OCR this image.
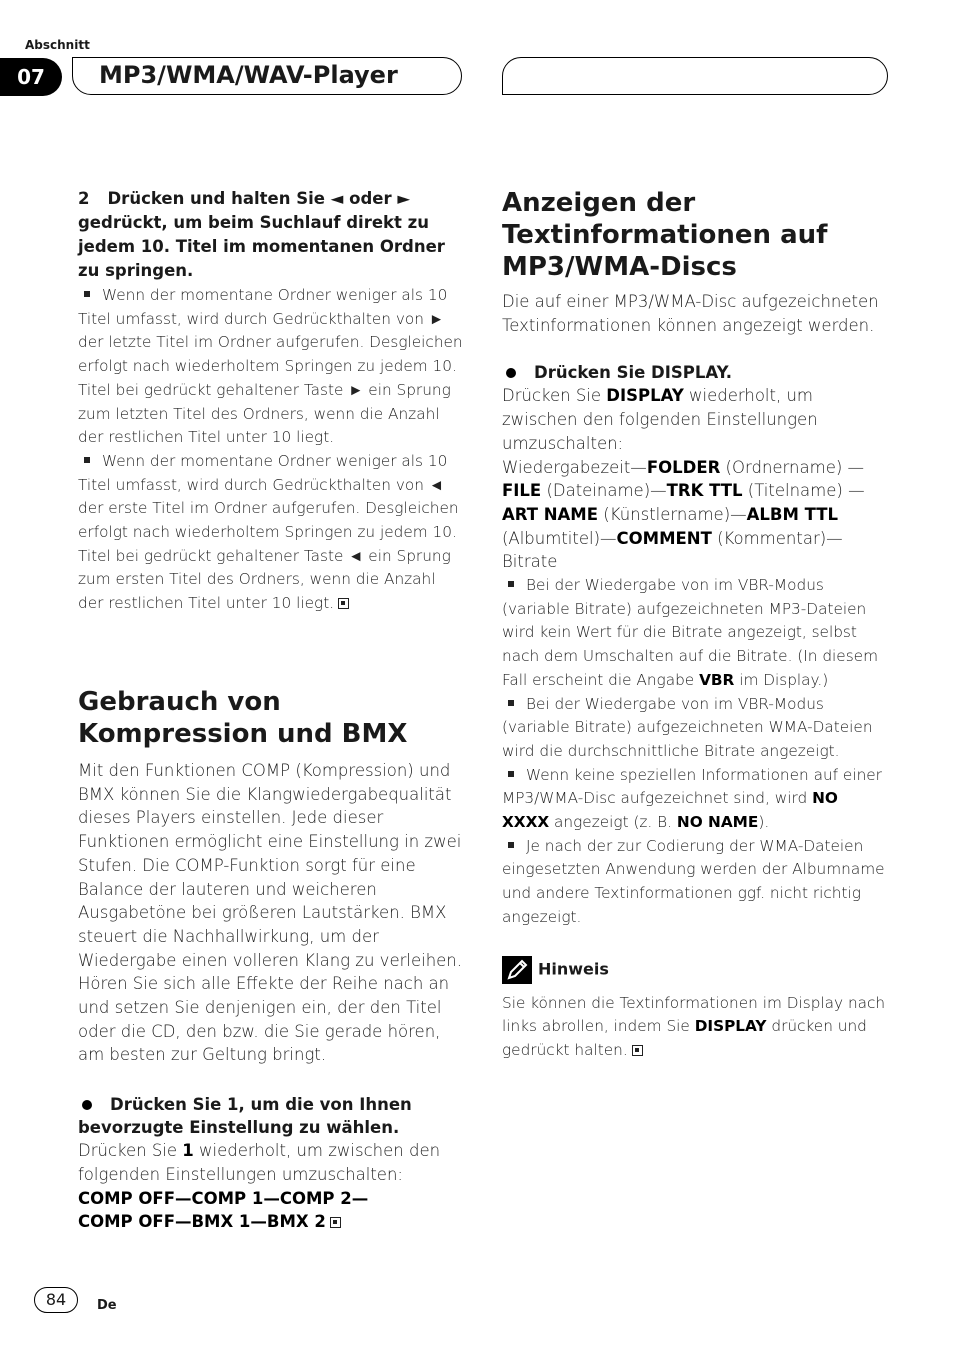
Abschnitt
07	MP3/WMA/WAV-Player
2 Drücken und halten Sie ◄ oder ► gedrückt, um beim Suchlauf direkt zu jedem 10. Titel im momentanen Ordner zu springen.
Wenn der momentane Ordner weniger als 10 Titel umfasst, wird durch Gedrückthalten von ► der letzte Titel im Ordner aufgerufen. Desgleichen erfolgt nach wiederholtem Springen zu jedem 10. Titel bei gedrückt gehaltener Taste ► ein Sprung zum letzten Titel des Ordners, wenn die Anzahl der restlichen Titel unter 10 liegt.
Wenn der momentane Ordner weniger als 10 Titel umfasst, wird durch Gedrückthalten von ◄ der erste Titel im Ordner aufgerufen. Desgleichen erfolgt nach wiederholtem Springen zu jedem 10. Titel bei gedrückt gehaltener Taste ◄ ein Sprung zum ersten Titel des Ordners, wenn die Anzahl der restlichen Titel unter 10 liegt.
Gebrauch von Kompression und BMX
Mit den Funktionen COMP (Kompression) und BMX können Sie die Klangwiedergabequalität dieses Players einstellen. Jede dieser Funktionen ermöglicht eine Einstellung in zwei Stufen. Die COMP-Funktion sorgt für eine Balance der lauteren und weicheren Ausgabetöne bei größeren Lautstärken. BMX steuert die Nachhallwirkung, um der Wiedergabe einen volleren Klang zu verleihen. Hören Sie sich alle Effekte der Reihe nach an und setzen Sie denjenigen ein, der den Titel oder die CD, den bzw. die Sie gerade hören, am besten zur Geltung bringt.
Drücken Sie 1, um die von Ihnen bevorzugte Einstellung zu wählen.
Drücken Sie 1 wiederholt, um zwischen den folgenden Einstellungen umzuschalten:
COMP OFF—COMP 1—COMP 2—
COMP OFF—BMX 1—BMX 2
Anzeigen der Textinformationen auf MP3/WMA-Discs
Die auf einer MP3/WMA-Disc aufgezeichneten Textinformationen können angezeigt werden.
Drücken Sie DISPLAY.
Drücken Sie DISPLAY wiederholt, um zwischen den folgenden Einstellungen umzuschalten:
Wiedergabezeit—FOLDER (Ordnername) —FILE (Dateiname)—TRK TTL (Titelname) —ART NAME (Künstlername)—ALBM TTL (Albumtitel)—COMMENT (Kommentar)—Bitrate
Bei der Wiedergabe von im VBR-Modus (variable Bitrate) aufgezeichneten MP3-Dateien wird kein Wert für die Bitrate angezeigt, selbst nach dem Umschalten auf die Bitrate. (In diesem Fall erscheint die Angabe VBR im Display.)
Bei der Wiedergabe von im VBR-Modus (variable Bitrate) aufgezeichneten WMA-Dateien wird die durchschnittliche Bitrate angezeigt.
Wenn keine speziellen Informationen auf einer MP3/WMA-Disc aufgezeichnet sind, wird NO XXXX angezeigt (z. B. NO NAME).
Je nach der zur Codierung der WMA-Dateien eingesetzten Anwendung werden der Albumname und andere Textinformationen ggf. nicht richtig angezeigt.
Hinweis
Sie können die Textinformationen im Display nach links abrollen, indem Sie DISPLAY drücken und gedrückt halten.
84	De
